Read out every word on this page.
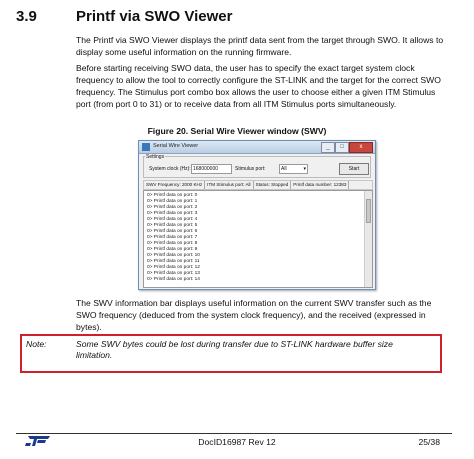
3.9	Printf via SWO Viewer
The Printf via SWO Viewer displays the printf data sent from the target through SWO. It allows to display some useful information on the running firmware.
Before starting receiving SWO data, the user has to specify the exact target system clock frequency to allow the tool to correctly configure the ST-LINK and the target for the correct SWO frequency. The Stimulus port combo box allows the user to choose either a given ITM Stimulus port (from port 0 to 31) or to receive data from all ITM Stimulus ports simultaneously.
Figure 20. Serial Wire Viewer window (SWV)
Serial Wire Viewer	_	□	x
Settings
System clock (Hz): 168000000	Stimulus port:	All	▾	Start
SWV Frequency: 2000 KHz ITM Stimulus port: All Status: Stopped Printf data number: 12383
0> Printf data on port: 0
0> Printf data on port: 1
0> Printf data on port: 2
0> Printf data on port: 3
0> Printf data on port: 4
0> Printf data on port: 5
0> Printf data on port: 6
0> Printf data on port: 7
0> Printf data on port: 8
0> Printf data on port: 9
0> Printf data on port: 10
0> Printf data on port: 11
0> Printf data on port: 12
0> Printf data on port: 13
0> Printf data on port: 14
The SWV information bar displays useful information on the current SWV transfer such as the SWO frequency (deduced from the system clock frequency), and the received (expressed in bytes).
Note:	Some SWV bytes could be lost during transfer due to ST-LINK hardware buffer size limitation.
DocID16987 Rev 12	25/38
